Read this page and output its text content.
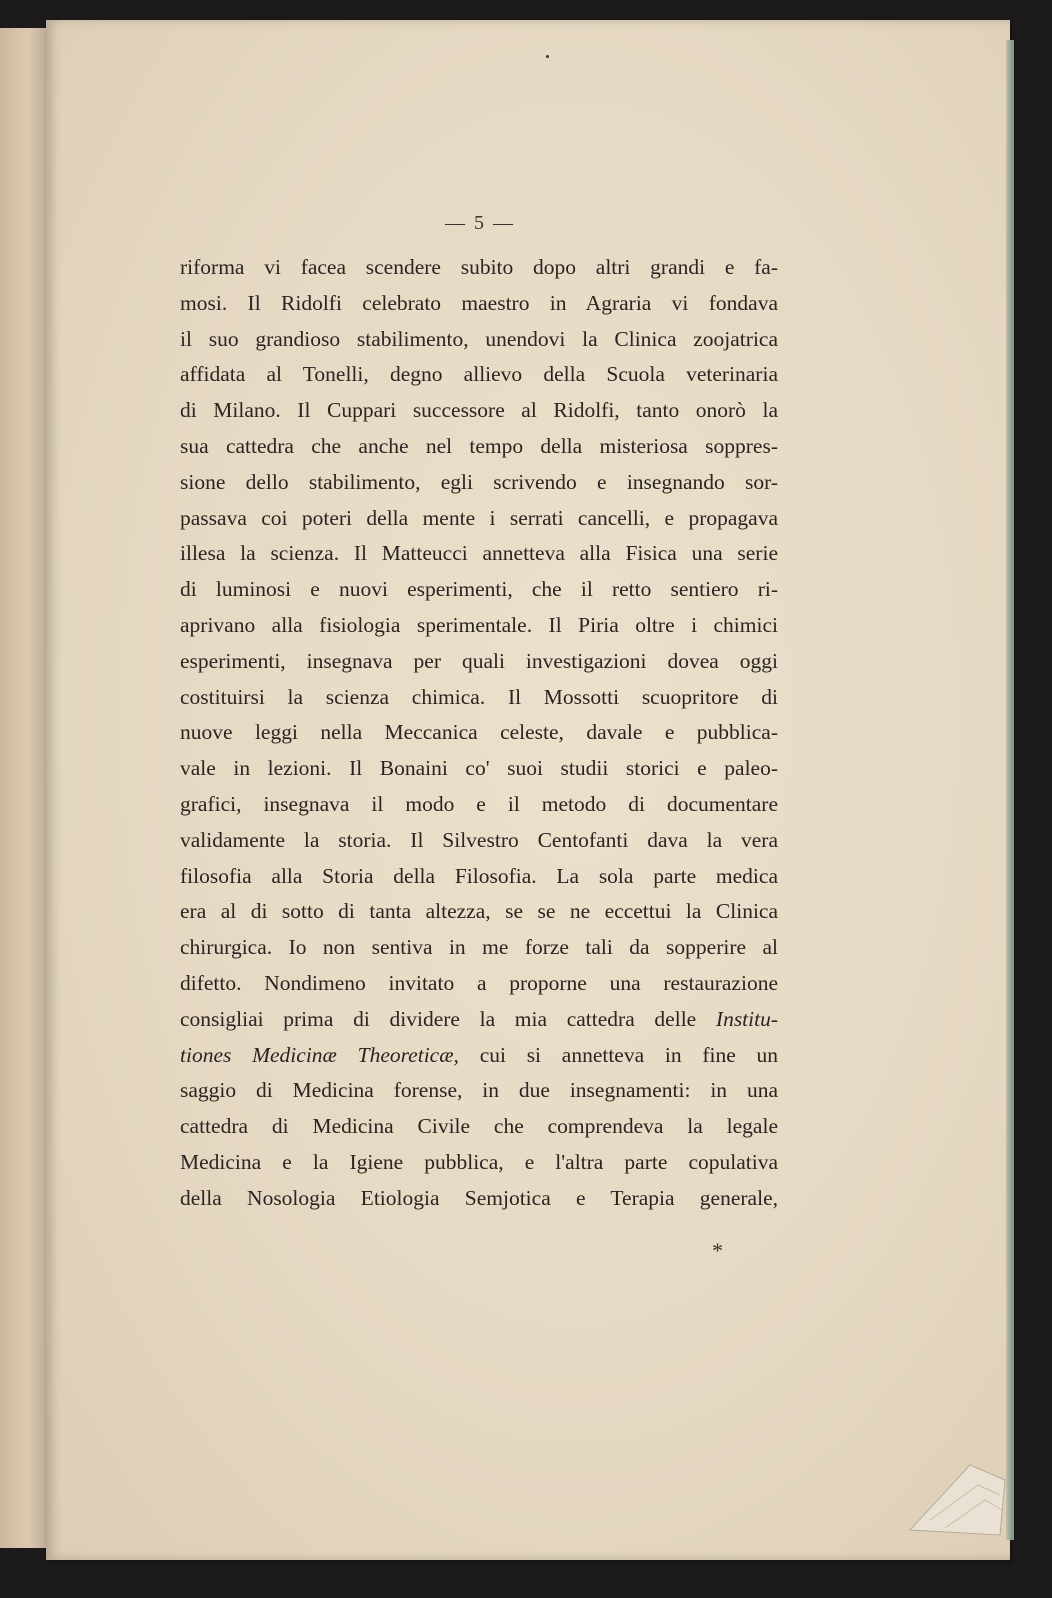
— 5 —
riforma vi facea scendere subito dopo altri grandi e fa-
mosi. Il Ridolfi celebrato maestro in Agraria vi fondava
il suo grandioso stabilimento, unendovi la Clinica zoojatrica
affidata al Tonelli, degno allievo della Scuola veterinaria
di Milano. Il Cuppari successore al Ridolfi, tanto onorò la
sua cattedra che anche nel tempo della misteriosa soppres-
sione dello stabilimento, egli scrivendo e insegnando sor-
passava coi poteri della mente i serrati cancelli, e propagava
illesa la scienza. Il Matteucci annetteva alla Fisica una serie
di luminosi e nuovi esperimenti, che il retto sentiero ri-
aprivano alla fisiologia sperimentale. Il Piria oltre i chimici
esperimenti, insegnava per quali investigazioni dovea oggi
costituirsi la scienza chimica. Il Mossotti scuopritore di
nuove leggi nella Meccanica celeste, davale e pubblica-
vale in lezioni. Il Bonaini co' suoi studii storici e paleo-
grafici, insegnava il modo e il metodo di documentare
validamente la storia. Il Silvestro Centofanti dava la vera
filosofia alla Storia della Filosofia. La sola parte medica
era al di sotto di tanta altezza, se se ne eccettui la Clinica
chirurgica. Io non sentiva in me forze tali da sopperire al
difetto. Nondimeno invitato a proporne una restaurazione
consigliai prima di dividere la mia cattedra delle Institu-
tiones Medicinæ Theoreticæ, cui si annetteva in fine un
saggio di Medicina forense, in due insegnamenti: in una
cattedra di Medicina Civile che comprendeva la legale
Medicina e la Igiene pubblica, e l'altra parte copulativa
della Nosologia Etiologia Semjotica e Terapia generale,
*
